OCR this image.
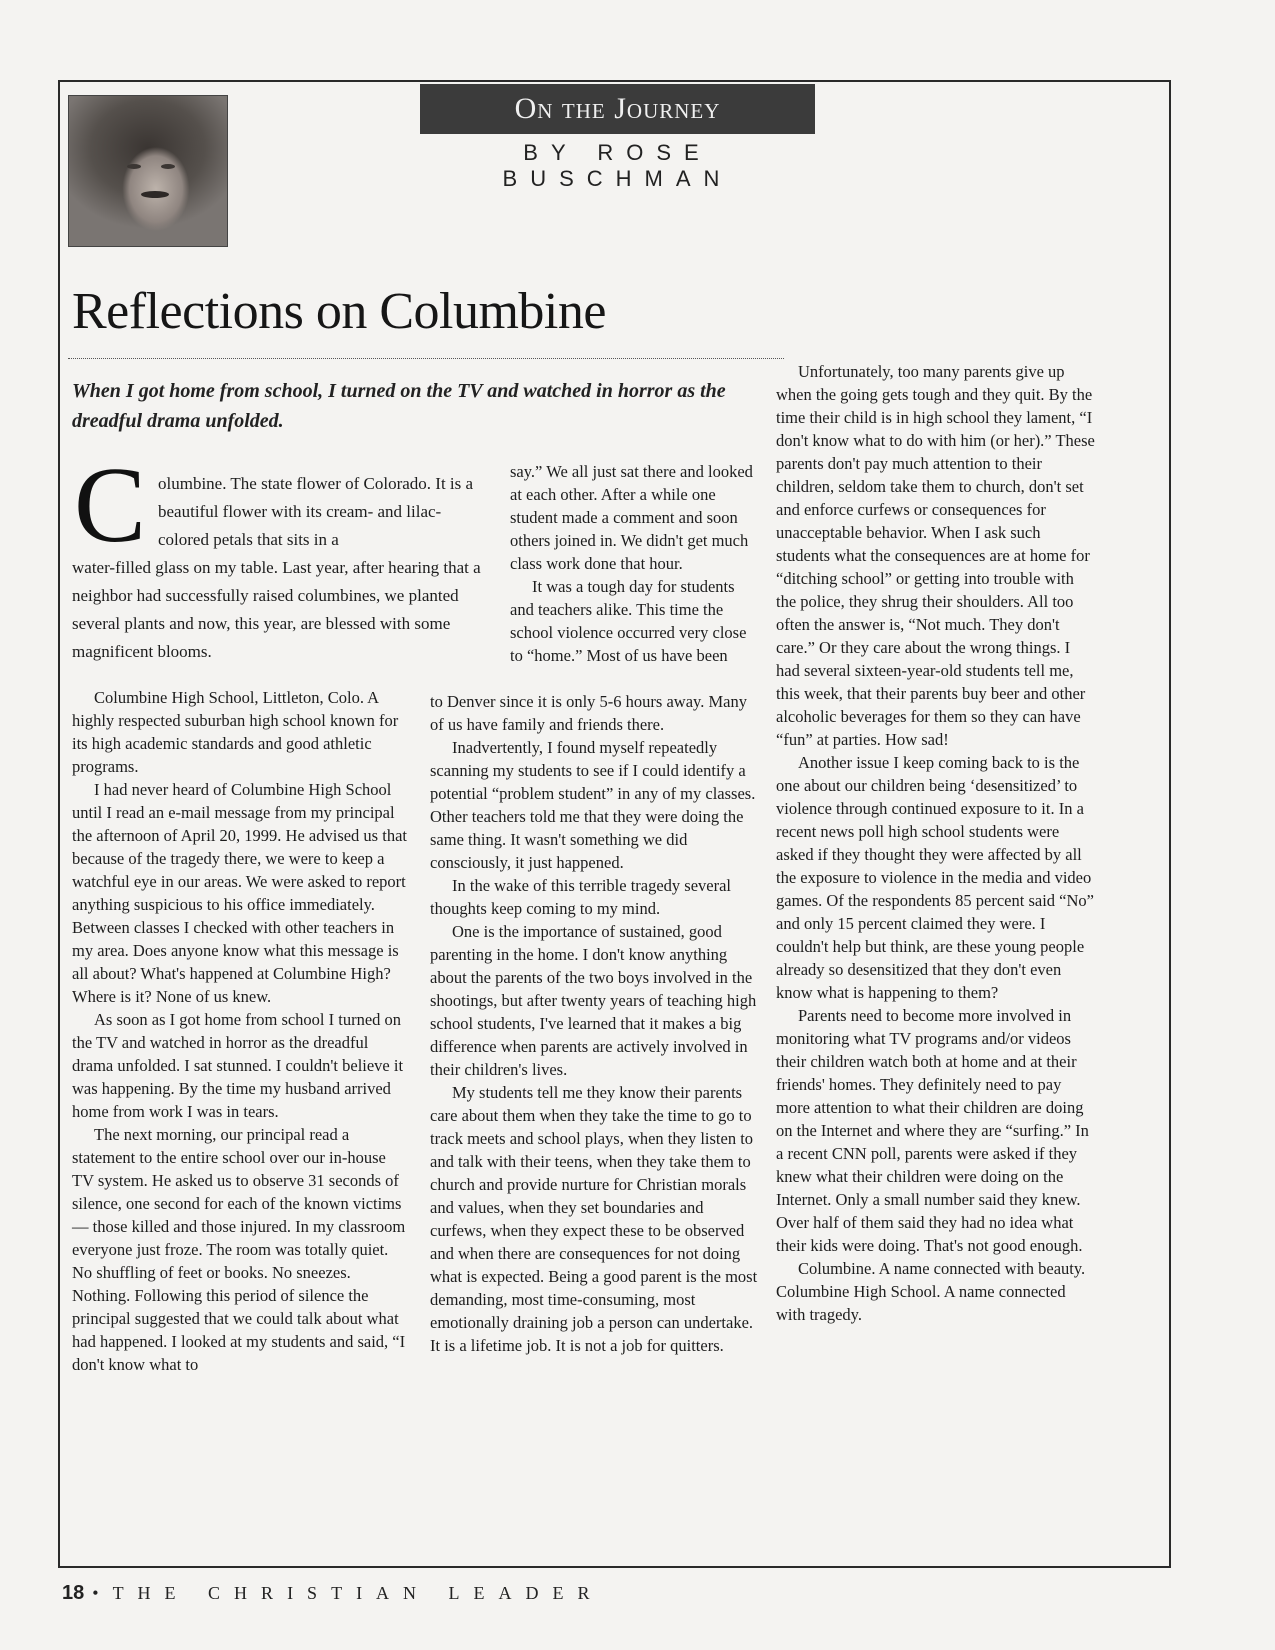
On the Journey
BY ROSE BUSCHMAN
Reflections on Columbine
When I got home from school, I turned on the TV and watched in horror as the dreadful drama unfolded.
C olumbine. The state flower of Colorado. It is a beautiful flower with its cream- and lilac-colored petals that sits in a
water-filled glass on my table. Last year, after hearing that a neighbor had successfully raised columbines, we planted several plants and now, this year, are blessed with some magnificent blooms.

Columbine High School, Littleton, Colo. A highly respected suburban high school known for its high academic standards and good athletic programs.

I had never heard of Columbine High School until I read an e-mail message from my principal the afternoon of April 20, 1999. He advised us that because of the tragedy there, we were to keep a watchful eye in our areas. We were asked to report anything suspicious to his office immediately. Between classes I checked with other teachers in my area. Does anyone know what this message is all about? What's happened at Columbine High? Where is it? None of us knew.

As soon as I got home from school I turned on the TV and watched in horror as the dreadful drama unfolded. I sat stunned. I couldn't believe it was happening. By the time my husband arrived home from work I was in tears.

The next morning, our principal read a statement to the entire school over our in-house TV system. He asked us to observe 31 seconds of silence, one second for each of the known victims— those killed and those injured. In my classroom everyone just froze. The room was totally quiet. No shuffling of feet or books. No sneezes. Nothing. Following this period of silence the principal suggested that we could talk about what had happened. I looked at my students and said, “I don't know what to

say.” We all just sat there and looked at each other. After a while one student made a comment and soon others joined in. We didn't get much class work done that hour.

It was a tough day for students and teachers alike. This time the school violence occurred very close to “home.” Most of us have been

to Denver since it is only 5-6 hours away. Many of us have family and friends there.

Inadvertently, I found myself repeatedly scanning my students to see if I could identify a potential “problem student” in any of my classes. Other teachers told me that they were doing the same thing. It wasn't something we did consciously, it just happened.

In the wake of this terrible tragedy several thoughts keep coming to my mind.

One is the importance of sustained, good parenting in the home. I don't know anything about the parents of the two boys involved in the shootings, but after twenty years of teaching high school students, I've learned that it makes a big difference when parents are actively involved in their children's lives.

My students tell me they know their parents care about them when they take the time to go to track meets and school plays, when they listen to and talk with their teens, when they take them to church and provide nurture for Christian morals and values, when they set boundaries and curfews, when they expect these to be observed and when there are consequences for not doing what is expected. Being a good parent is the most demanding, most time-consuming, most emotionally draining job a person can undertake. It is a lifetime job. It is not a job for quitters.

Unfortunately, too many parents give up when the going gets tough and they quit. By the time their child is in high school they lament, “I don't know what to do with him (or her).” These parents don't pay much attention to their children, seldom take them to church, don't set and enforce curfews or consequences for unacceptable behavior. When I ask such students what the consequences are at home for “ditching school” or getting into trouble with the police, they shrug their shoulders. All too often the answer is, “Not much. They don't care.” Or they care about the wrong things. I had several sixteen-year-old students tell me, this week, that their parents buy beer and other alcoholic beverages for them so they can have “fun” at parties. How sad!

Another issue I keep coming back to is the one about our children being ‘desensitized’ to violence through continued exposure to it. In a recent news poll high school students were asked if they thought they were affected by all the exposure to violence in the media and video games. Of the respondents 85 percent said “No” and only 15 percent claimed they were. I couldn't help but think, are these young people already so desensitized that they don't even know what is happening to them?

Parents need to become more involved in monitoring what TV programs and/or videos their children watch both at home and at their friends' homes. They definitely need to pay more attention to what their children are doing on the Internet and where they are “surfing.” In a recent CNN poll, parents were asked if they knew what their children were doing on the Internet. Only a small number said they knew. Over half of them said they had no idea what their kids were doing. That's not good enough.

Columbine. A name connected with beauty. Columbine High School. A name connected with tragedy.

18 • THE CHRISTIAN LEADER
